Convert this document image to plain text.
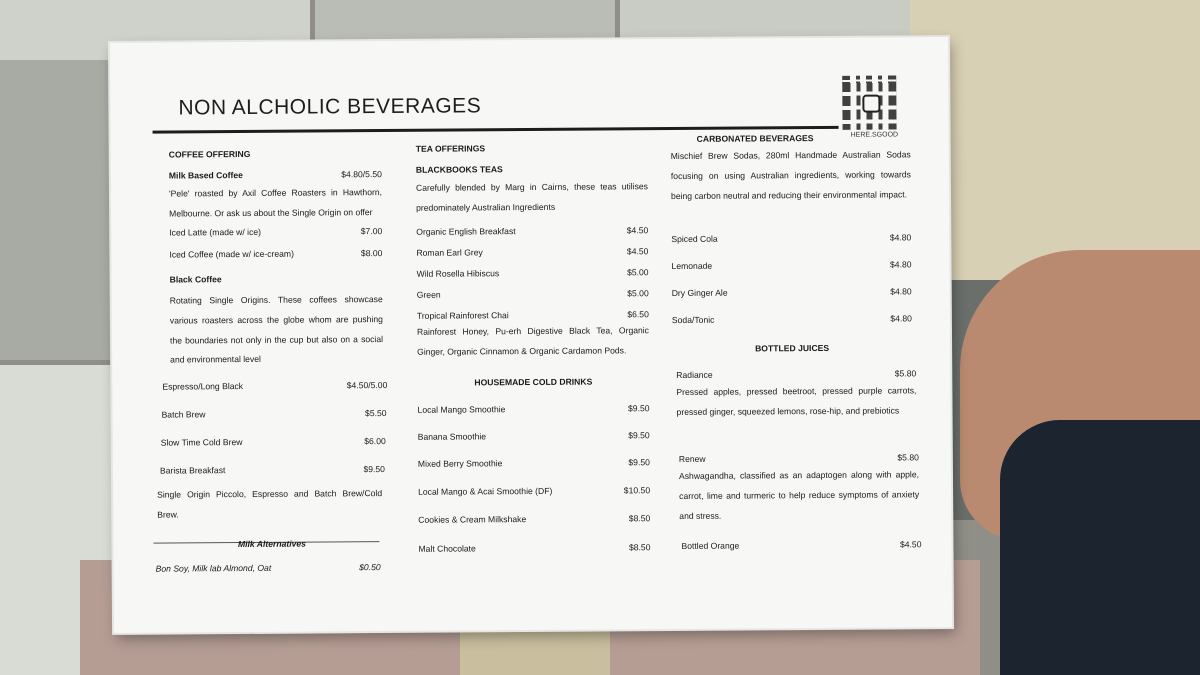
NON ALCHOLIC BEVERAGES
HERE.SGOOD
COFFEE OFFERING
Milk Based Coffee	$4.80/5.50
'Pele' roasted by Axil Coffee Roasters in Hawthorn, Melbourne. Or ask us about the Single Origin on offer
Iced Latte (made w/ ice)	$7.00
Iced Coffee (made w/ ice-cream)	$8.00
Black Coffee
Rotating Single Origins. These coffees showcase various roasters across the globe whom are pushing the boundaries not only in the cup but also on a social and environmental level
Espresso/Long Black	$4.50/5.00
Batch Brew	$5.50
Slow Time Cold Brew	$6.00
Barista Breakfast	$9.50
Single Origin Piccolo, Espresso and Batch Brew/Cold Brew.
Milk Alternatives
Bon Soy, Milk lab Almond, Oat	$0.50
TEA OFFERINGS
BLACKBOOKS TEAS
Carefully blended by Marg in Cairns, these teas utilises predominately Australian Ingredients
Organic English Breakfast	$4.50
Roman Earl Grey	$4.50
Wild Rosella Hibiscus	$5.00
Green	$5.00
Tropical Rainforest Chai	$6.50
Rainforest Honey, Pu-erh Digestive Black Tea, Organic Ginger, Organic Cinnamon & Organic Cardamon Pods.
HOUSEMADE COLD DRINKS
Local Mango Smoothie	$9.50
Banana Smoothie	$9.50
Mixed Berry Smoothie	$9.50
Local Mango & Acai Smoothie (DF)	$10.50
Cookies & Cream Milkshake	$8.50
Malt Chocolate	$8.50
CARBONATED BEVERAGES
Mischief Brew Sodas, 280ml Handmade Australian Sodas focusing on using Australian ingredients, working towards being carbon neutral and reducing their environmental impact.
Spiced Cola	$4.80
Lemonade	$4.80
Dry Ginger Ale	$4.80
Soda/Tonic	$4.80
BOTTLED JUICES
Radiance	$5.80
Pressed apples, pressed beetroot, pressed purple carrots, pressed ginger, squeezed lemons, rose-hip, and prebiotics
Renew	$5.80
Ashwagandha, classified as an adaptogen along with apple, carrot, lime and turmeric to help reduce symptoms of anxiety and stress.
Bottled Orange	$4.50
